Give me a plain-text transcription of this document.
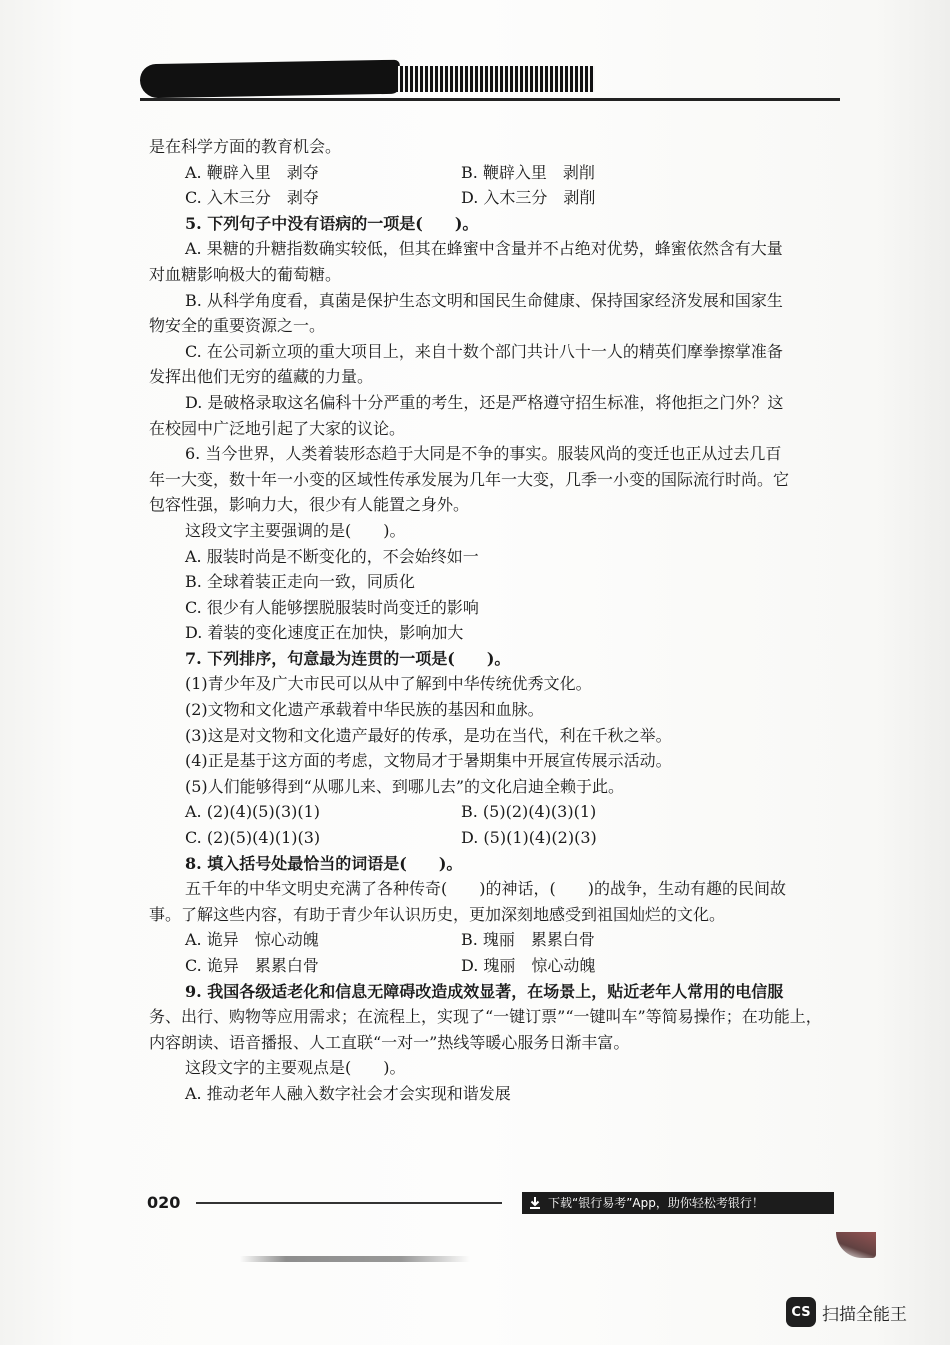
是在科学方面的教育机会。

A. 鞭辟入里　剥夺	B. 鞭辟入里　剥削
C. 入木三分　剥夺	D. 入木三分　剥削

5. 下列句子中没有语病的一项是(　　)。

A. 果糖的升糖指数确实较低，但其在蜂蜜中含量并不占绝对优势，蜂蜜依然含有大量

对血糖影响极大的葡萄糖。

B. 从科学角度看，真菌是保护生态文明和国民生命健康、保持国家经济发展和国家生

物安全的重要资源之一。

C. 在公司新立项的重大项目上，来自十数个部门共计八十一人的精英们摩拳擦掌准备

发挥出他们无穷的蕴藏的力量。

D. 是破格录取这名偏科十分严重的考生，还是严格遵守招生标准，将他拒之门外？这

在校园中广泛地引起了大家的议论。

6. 当今世界，人类着装形态趋于大同是不争的事实。服装风尚的变迁也正从过去几百

年一大变，数十年一小变的区域性传承发展为几年一大变，几季一小变的国际流行时尚。它

包容性强，影响力大，很少有人能置之身外。

这段文字主要强调的是(　　)。

A. 服装时尚是不断变化的，不会始终如一

B. 全球着装正走向一致，同质化

C. 很少有人能够摆脱服装时尚变迁的影响

D. 着装的变化速度正在加快，影响加大

7. 下列排序，句意最为连贯的一项是(　　)。

(1)青少年及广大市民可以从中了解到中华传统优秀文化。

(2)文物和文化遗产承载着中华民族的基因和血脉。

(3)这是对文物和文化遗产最好的传承，是功在当代，利在千秋之举。

(4)正是基于这方面的考虑，文物局才于暑期集中开展宣传展示活动。

(5)人们能够得到“从哪儿来、到哪儿去”的文化启迪全赖于此。

A. (2)(4)(5)(3)(1)	B. (5)(2)(4)(3)(1)
C. (2)(5)(4)(1)(3)	D. (5)(1)(4)(2)(3)

8. 填入括号处最恰当的词语是(　　)。

五千年的中华文明史充满了各种传奇(　　)的神话，(　　)的战争，生动有趣的民间故

事。了解这些内容，有助于青少年认识历史，更加深刻地感受到祖国灿烂的文化。

A. 诡异　惊心动魄	B. 瑰丽　累累白骨
C. 诡异　累累白骨	D. 瑰丽　惊心动魄

9. 我国各级适老化和信息无障碍改造成效显著，在场景上，贴近老年人常用的电信服

务、出行、购物等应用需求；在流程上，实现了“一键订票”“一键叫车”等简易操作；在功能上，

内容朗读、语音播报、人工直联“一对一”热线等暖心服务日渐丰富。

这段文字的主要观点是(　　)。

A. 推动老年人融入数字社会才会实现和谐发展

020	下载“银行易考”App，助你轻松考银行！
CS 扫描全能王
